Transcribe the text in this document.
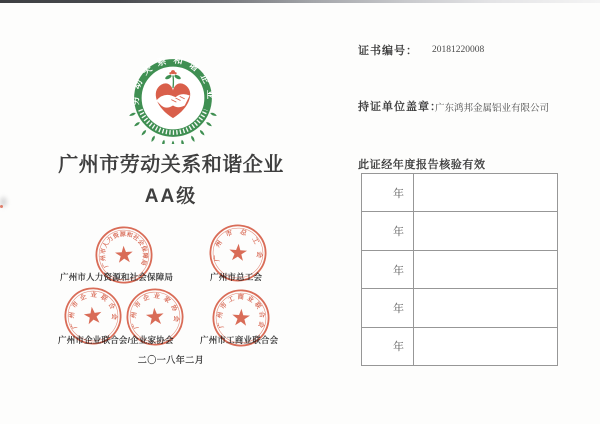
劳动关系和谐企业
广州市劳动关系和谐企业
AA级
广州市人力资源和社会保障局	广州市总工会
广州市企业联合会/企业家协会	广州市工商业联合会
二〇一八年二月
广州市人力资源和社会保障局
广州市总工会
广州市企业联合会	广州市企业家协会	广州市工商业联合会
证书编号： 20181220008
持证单位盖章：
广东鸿邦金属铝业有限公司
此证经年度报告核验有效
年
年
年
年
年
